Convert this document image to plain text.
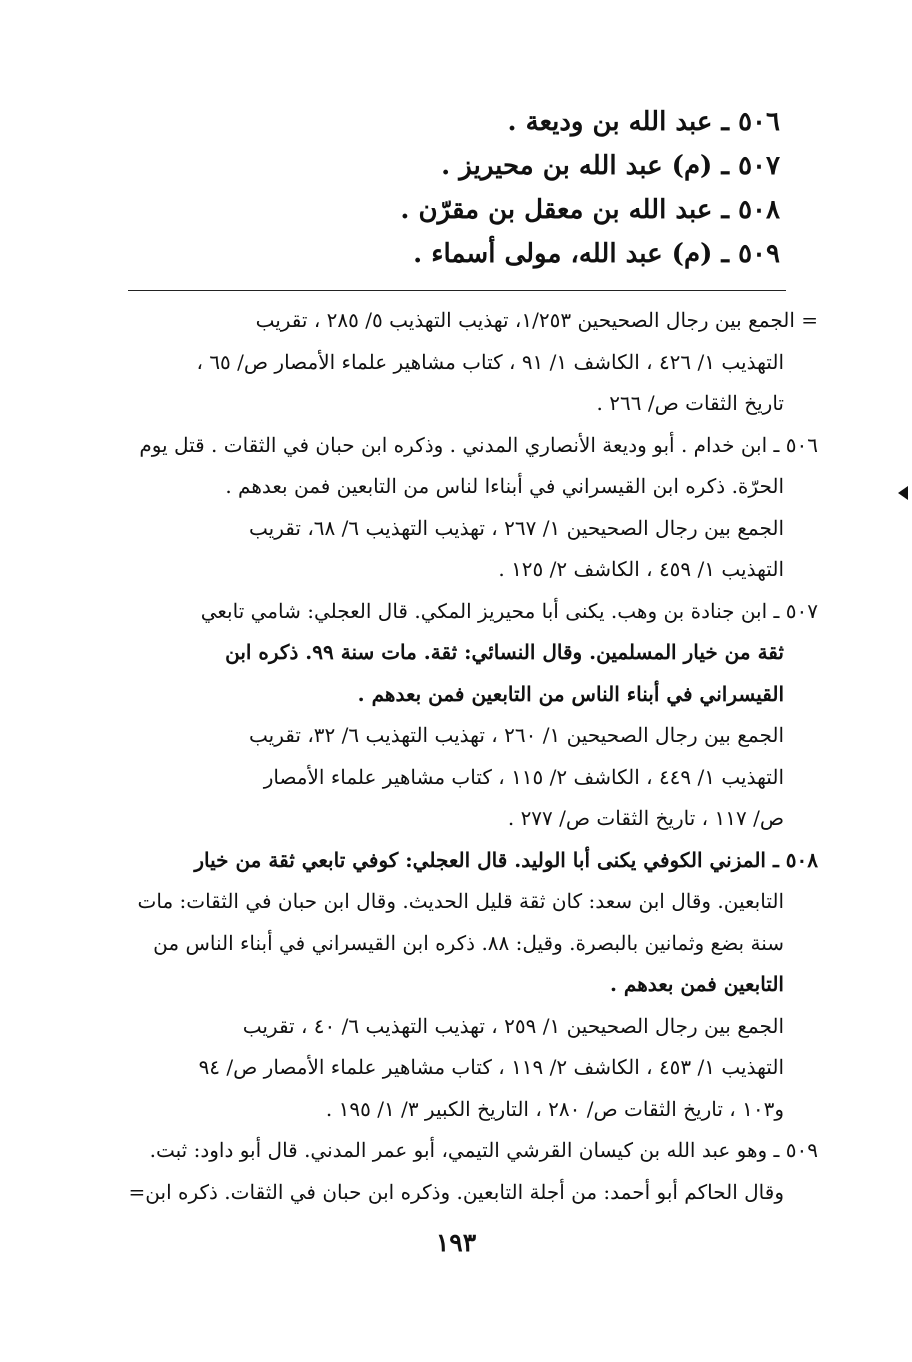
٥٠٦ ـ عبد الله بن وديعة .
٥٠٧ ـ (م) عبد الله بن محيريز .
٥٠٨ ـ عبد الله بن معقل بن مقرّن .
٥٠٩ ـ (م) عبد الله، مولى أسماء .
= الجمع بين رجال الصحيحين ١/٢٥٣، تهذيب التهذيب ٥/ ٢٨٥ ، تقريب
التهذيب ١/ ٤٢٦ ، الكاشف ١/ ٩١ ، كتاب مشاهير علماء الأمصار ص/ ٦٥ ،
تاريخ الثقات ص/ ٢٦٦ .
٥٠٦ ـ ابن خدام . أبو وديعة الأنصاري المدني . وذكره ابن حبان في الثقات . قتل يوم
الحرّة. ذكره ابن القيسراني في أبناءا لناس من التابعين فمن بعدهم .
الجمع بين رجال الصحيحين ١/ ٢٦٧ ، تهذيب التهذيب ٦/ ٦٨، تقريب
التهذيب ١/ ٤٥٩ ، الكاشف ٢/ ١٢٥ .
٥٠٧ ـ ابن جنادة بن وهب. يكنى أبا محيريز المكي. قال العجلي: شامي تابعي
ثقة من خيار المسلمين. وقال النسائي: ثقة. مات سنة ٩٩. ذكره ابن
القيسراني في أبناء الناس من التابعين فمن بعدهم .
الجمع بين رجال الصحيحين ١/ ٢٦٠ ، تهذيب التهذيب ٦/ ٣٢، تقريب
التهذيب ١/ ٤٤٩ ، الكاشف ٢/ ١١٥ ، كتاب مشاهير علماء الأمصار
ص/ ١١٧ ، تاريخ الثقات ص/ ٢٧٧ .
٥٠٨ ـ المزني الكوفي يكنى أبا الوليد. قال العجلي: كوفي تابعي ثقة من خيار
التابعين. وقال ابن سعد: كان ثقة قليل الحديث. وقال ابن حبان في الثقات: مات
سنة بضع وثمانين بالبصرة. وقيل: ٨٨. ذكره ابن القيسراني في أبناء الناس من
التابعين فمن بعدهم .
الجمع بين رجال الصحيحين ١/ ٢٥٩ ، تهذيب التهذيب ٦/ ٤٠ ، تقريب
التهذيب ١/ ٤٥٣ ، الكاشف ٢/ ١١٩ ، كتاب مشاهير علماء الأمصار ص/ ٩٤
و١٠٣ ، تاريخ الثقات ص/ ٢٨٠ ، التاريخ الكبير ٣/ ١/ ١٩٥ .
٥٠٩ ـ وهو عبد الله بن كيسان القرشي التيمي، أبو عمر المدني. قال أبو داود: ثبت.
وقال الحاكم أبو أحمد: من أجلة التابعين. وذكره ابن حبان في الثقات. ذكره ابن=
١٩٣
